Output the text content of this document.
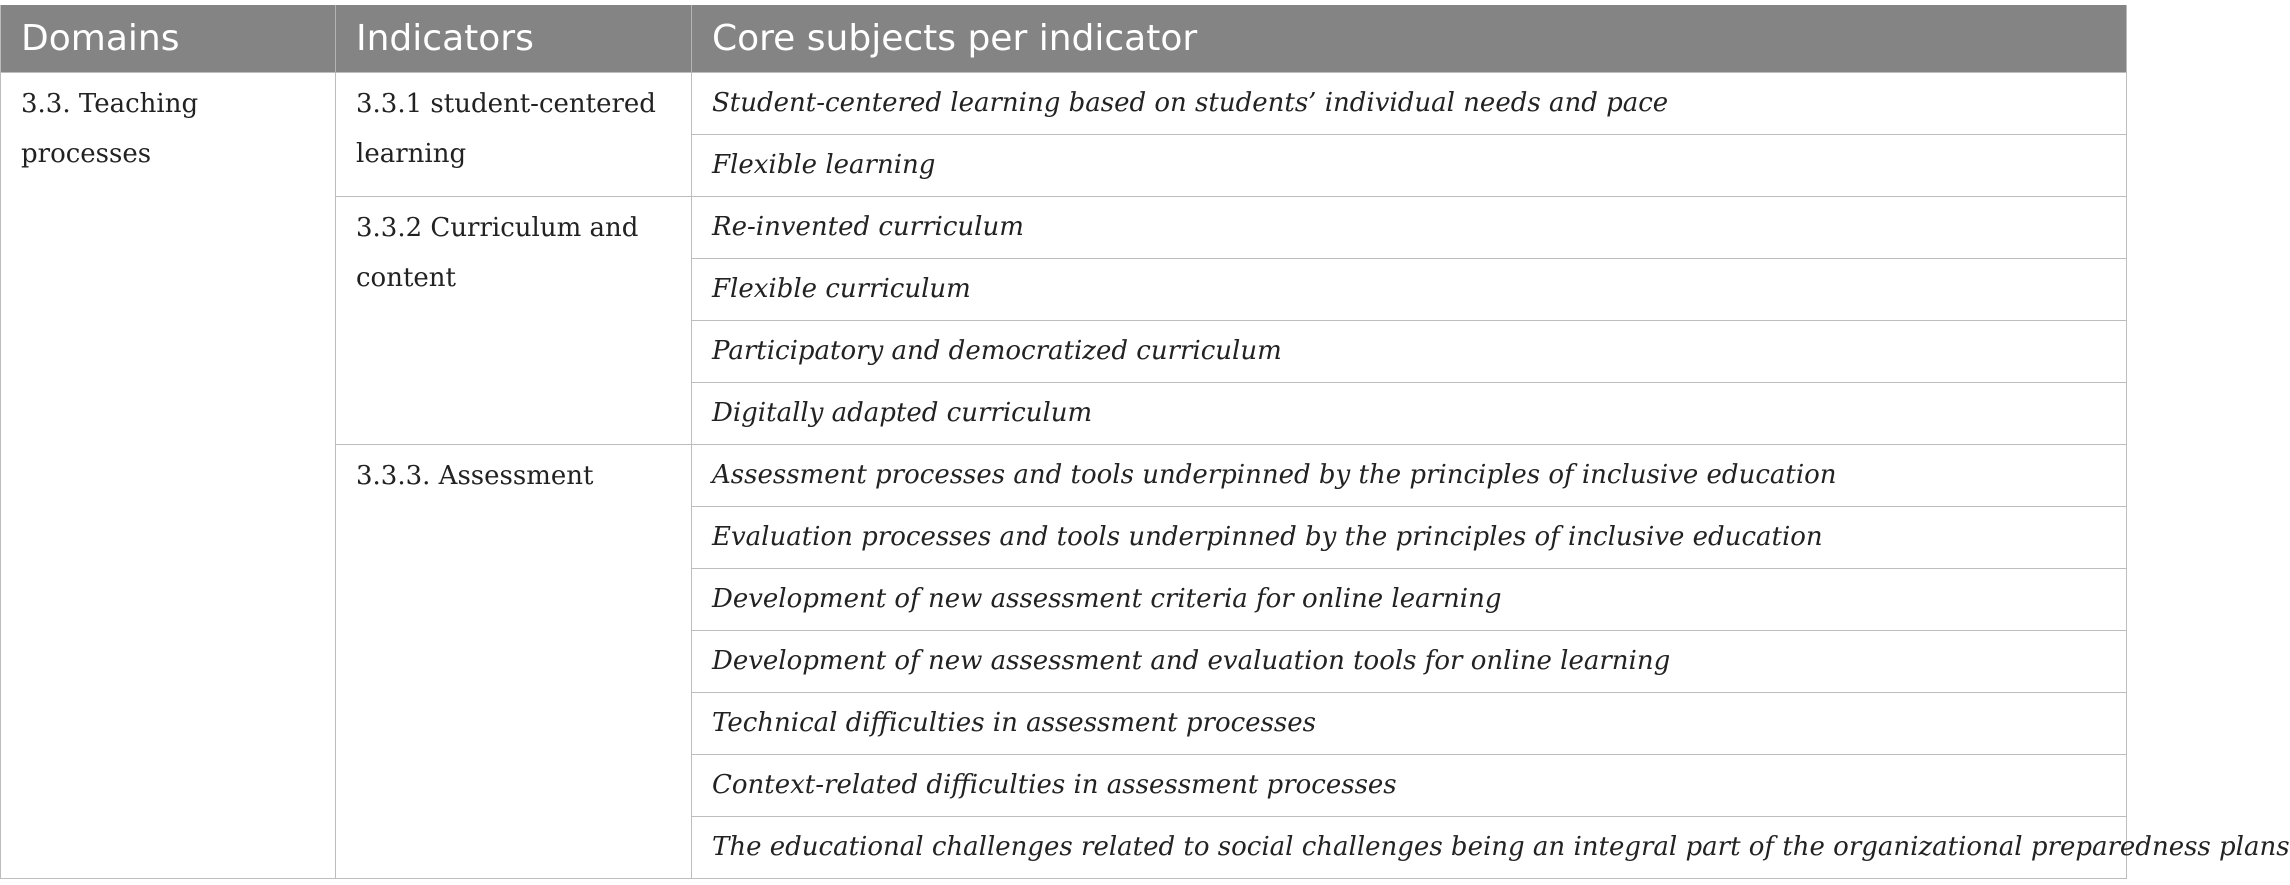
Domains	Indicators	Core subjects per indicator
3.3. Teaching processes	3.3.1 student-centered learning	Student-centered learning based on students’ individual needs and pace
		Flexible learning
	3.3.2 Curriculum and content	Re-invented curriculum
		Flexible curriculum
		Participatory and democratized curriculum
		Digitally adapted curriculum
	3.3.3. Assessment	Assessment processes and tools underpinned by the principles of inclusive education
		Evaluation processes and tools underpinned by the principles of inclusive education
		Development of new assessment criteria for online learning
		Development of new assessment and evaluation tools for online learning
		Technical difficulties in assessment processes
		Context-related difficulties in assessment processes
		The educational challenges related to social challenges being an integral part of the organizational preparedness plans
